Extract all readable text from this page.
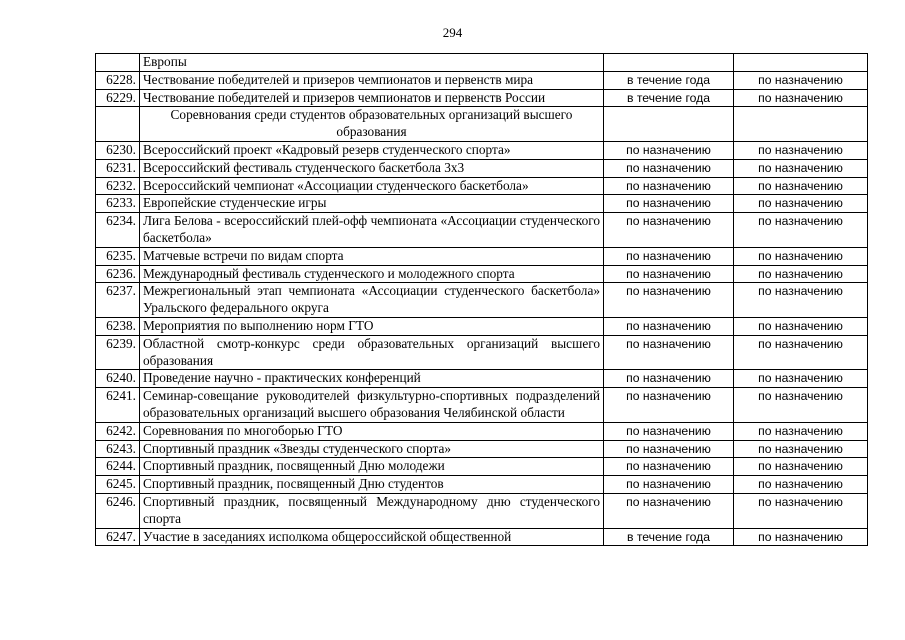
294
	Европы		
6228.	Чествование победителей и призеров чемпионатов и первенств мира	в течение года	по назначению
6229.	Чествование победителей и призеров чемпионатов и первенств России	в течение года	по назначению
	Соревнования среди студентов образовательных организаций высшего образования		
6230.	Всероссийский проект «Кадровый резерв студенческого спорта»	по назначению	по назначению
6231.	Всероссийский фестиваль студенческого баскетбола 3х3	по назначению	по назначению
6232.	Всероссийский чемпионат «Ассоциации студенческого баскетбола»	по назначению	по назначению
6233.	Европейские студенческие игры	по назначению	по назначению
6234.	Лига Белова - всероссийский плей-офф чемпионата «Ассоциации студенческого баскетбола»	по назначению	по назначению
6235.	Матчевые встречи по видам спорта	по назначению	по назначению
6236.	Международный фестиваль студенческого и молодежного спорта	по назначению	по назначению
6237.	Межрегиональный этап чемпионата «Ассоциации студенческого баскетбола» Уральского федерального округа	по назначению	по назначению
6238.	Мероприятия по выполнению норм ГТО	по назначению	по назначению
6239.	Областной смотр-конкурс среди образовательных организаций высшего образования	по назначению	по назначению
6240.	Проведение научно - практических конференций	по назначению	по назначению
6241.	Семинар-совещание руководителей физкультурно-спортивных подразделений образовательных организаций высшего образования Челябинской области	по назначению	по назначению
6242.	Соревнования по многоборью ГТО	по назначению	по назначению
6243.	Спортивный праздник «Звезды студенческого спорта»	по назначению	по назначению
6244.	Спортивный праздник, посвященный Дню молодежи	по назначению	по назначению
6245.	Спортивный праздник, посвященный Дню студентов	по назначению	по назначению
6246.	Спортивный праздник, посвященный Международному дню студенческого спорта	по назначению	по назначению
6247.	Участие в заседаниях исполкома общероссийской общественной	в течение года	по назначению
